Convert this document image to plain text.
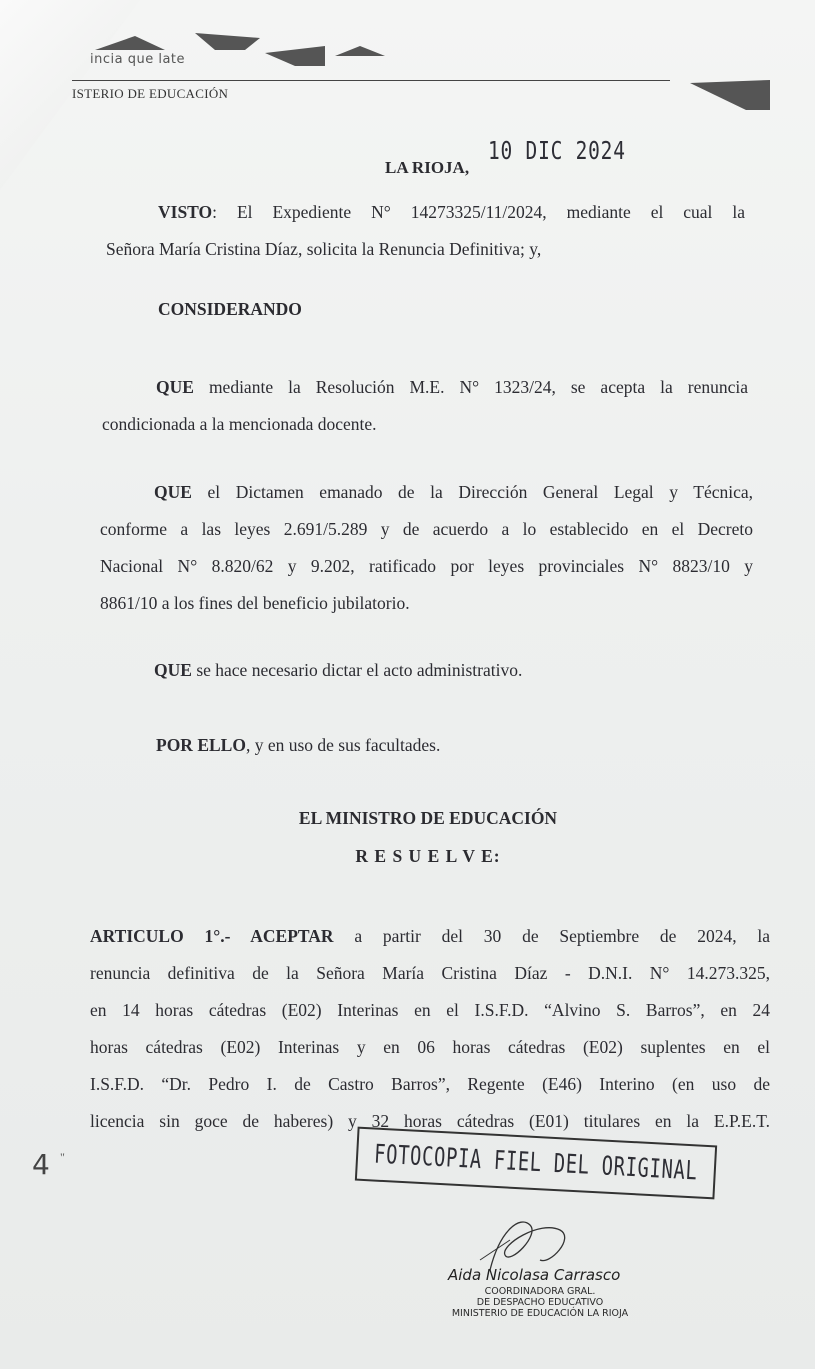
incia que late
ISTERIO DE EDUCACIÓN
LA RIOJA,
10 DIC 2024
VISTO: El Expediente N° 14273325/11/2024, mediante el cual la
Señora María Cristina Díaz, solicita la Renuncia Definitiva; y,
CONSIDERANDO
QUE mediante la Resolución M.E. N° 1323/24, se acepta la renuncia
condicionada a la mencionada docente.
QUE el Dictamen emanado de la Dirección General Legal y Técnica,
conforme a las leyes 2.691/5.289 y de acuerdo a lo establecido en el Decreto
Nacional N° 8.820/62 y 9.202, ratificado por leyes provinciales N° 8823/10 y
8861/10 a los fines del beneficio jubilatorio.
QUE se hace necesario dictar el acto administrativo.
POR ELLO, y en uso de sus facultades.
EL MINISTRO DE EDUCACIÓN
R E S U E L V E:
ARTICULO 1°.- ACEPTAR a partir del 30 de Septiembre de 2024, la
renuncia definitiva de la Señora María Cristina Díaz - D.N.I. N° 14.273.325,
en 14 horas cátedras (E02) Interinas en el I.S.F.D. “Alvino S. Barros”, en 24
horas cátedras (E02) Interinas y en 06 horas cátedras (E02) suplentes en el
I.S.F.D. “Dr. Pedro I. de Castro Barros”, Regente (E46) Interino (en uso de
licencia sin goce de haberes) y 32 horas cátedras (E01) titulares en la E.P.E.T.
4 "	FOTOCOPIA FIEL DEL ORIGINAL
Aida Nicolasa Carrasco
COORDINADORA GRAL.
DE DESPACHO EDUCATIVO
MINISTERIO DE EDUCACIÓN LA RIOJA
